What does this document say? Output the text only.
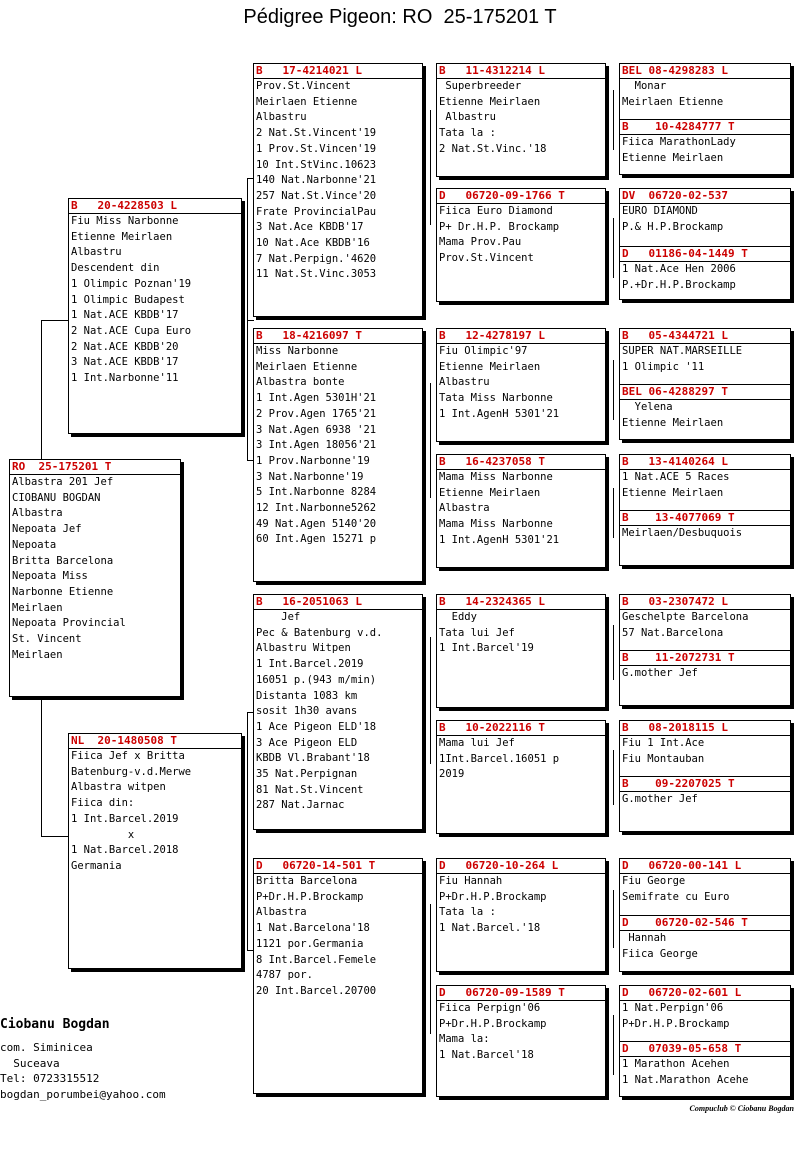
Pédigree Pigeon: RO  25-175201 T
RO  25-175201 T
Albastra 201 Jef
CIOBANU BOGDAN
Albastra
Nepoata Jef
Nepoata
Britta Barcelona
Nepoata Miss
Narbonne Etienne
Meirlaen
Nepoata Provincial
St. Vincent
Meirlaen
B   20-4228503 L
Fiu Miss Narbonne
Etienne Meirlaen
Albastru
Descendent din
1 Olimpic Poznan'19
1 Olimpic Budapest
1 Nat.ACE KBDB'17
2 Nat.ACE Cupa Euro
2 Nat.ACE KBDB'20
3 Nat.ACE KBDB'17
1 Int.Narbonne'11
NL  20-1480508 T
Fiica Jef x Britta
Batenburg-v.d.Merwe
Albastra witpen
Fiica din:
1 Int.Barcel.2019
x
1 Nat.Barcel.2018
Germania
B   17-4214021 L
Prov.St.Vincent
Meirlaen Etienne
Albastru
2 Nat.St.Vincent'19
1 Prov.St.Vincen'19
10 Int.StVinc.10623
140 Nat.Narbonne'21
257 Nat.St.Vince'20
Frate ProvincialPau
3 Nat.Ace KBDB'17
10 Nat.Ace KBDB'16
7 Nat.Perpign.'4620
11 Nat.St.Vinc.3053
B   18-4216097 T
Miss Narbonne
Meirlaen Etienne
Albastra bonte
1 Int.Agen 5301H'21
2 Prov.Agen 1765'21
3 Nat.Agen 6938 '21
3 Int.Agen 18056'21
1 Prov.Narbonne'19
3 Nat.Narbonne'19
5 Int.Narbonne 8284
12 Int.Narbonne5262
49 Nat.Agen 5140'20
60 Int.Agen 15271 p
B   16-2051063 L
Jef
Pec & Batenburg v.d.
Albastru Witpen
1 Int.Barcel.2019
16051 p.(943 m/min)
Distanta 1083 km
sosit 1h30 avans
1 Ace Pigeon ELD'18
3 Ace Pigeon ELD
KBDB Vl.Brabant'18
35 Nat.Perpignan
81 Nat.St.Vincent
287 Nat.Jarnac
D   06720-14-501 T
Britta Barcelona
P+Dr.H.P.Brockamp
Albastra
1 Nat.Barcelona'18
1121 por.Germania
8 Int.Barcel.Femele
4787 por.
20 Int.Barcel.20700
B   11-4312214 L
Superbreeder
Etienne Meirlaen
Albastru
Tata la :
2 Nat.St.Vinc.'18
D   06720-09-1766 T
Fiica Euro Diamond
P+ Dr.H.P. Brockamp
Mama Prov.Pau
Prov.St.Vincent
B   12-4278197 L
Fiu Olimpic'97
Etienne Meirlaen
Albastru
Tata Miss Narbonne
1 Int.AgenH 5301'21
B   16-4237058 T
Mama Miss Narbonne
Etienne Meirlaen
Albastra
Mama Miss Narbonne
1 Int.AgenH 5301'21
B   14-2324365 L
Eddy
Tata lui Jef
1 Int.Barcel'19
B   10-2022116 T
Mama lui Jef
1Int.Barcel.16051 p
2019
D   06720-10-264 L
Fiu Hannah
P+Dr.H.P.Brockamp
Tata la :
1 Nat.Barcel.'18
D   06720-09-1589 T
Fiica Perpign'06
P+Dr.H.P.Brockamp
Mama la:
1 Nat.Barcel'18
BEL 08-4298283 L
Monar
Meirlaen Etienne
B    10-4284777 T
Fiica MarathonLady
Etienne Meirlaen
DV  06720-02-537
EURO DIAMOND
P.& H.P.Brockamp
D   01186-04-1449 T
1 Nat.Ace Hen 2006
P.+Dr.H.P.Brockamp
B   05-4344721 L
SUPER NAT.MARSEILLE
1 Olimpic '11
BEL 06-4288297 T
Yelena
Etienne Meirlaen
B   13-4140264 L
1 Nat.ACE 5 Races
Etienne Meirlaen
B    13-4077069 T
Meirlaen/Desbuquois
B   03-2307472 L
Geschelpte Barcelona
57 Nat.Barcelona
B    11-2072731 T
G.mother Jef
B   08-2018115 L
Fiu 1 Int.Ace
Fiu Montauban
B    09-2207025 T
G.mother Jef
D   06720-00-141 L
Fiu George
Semifrate cu Euro
D    06720-02-546 T
Hannah
Fiica George
D   06720-02-601 L
1 Nat.Perpign'06
P+Dr.H.P.Brockamp
D   07039-05-658 T
1 Marathon Acehen
1 Nat.Marathon Acehe
Ciobanu Bogdan
com. Siminicea
Suceava
Tel: 0723315512
bogdan_porumbei@yahoo.com
Compuclub © Ciobanu Bogdan
